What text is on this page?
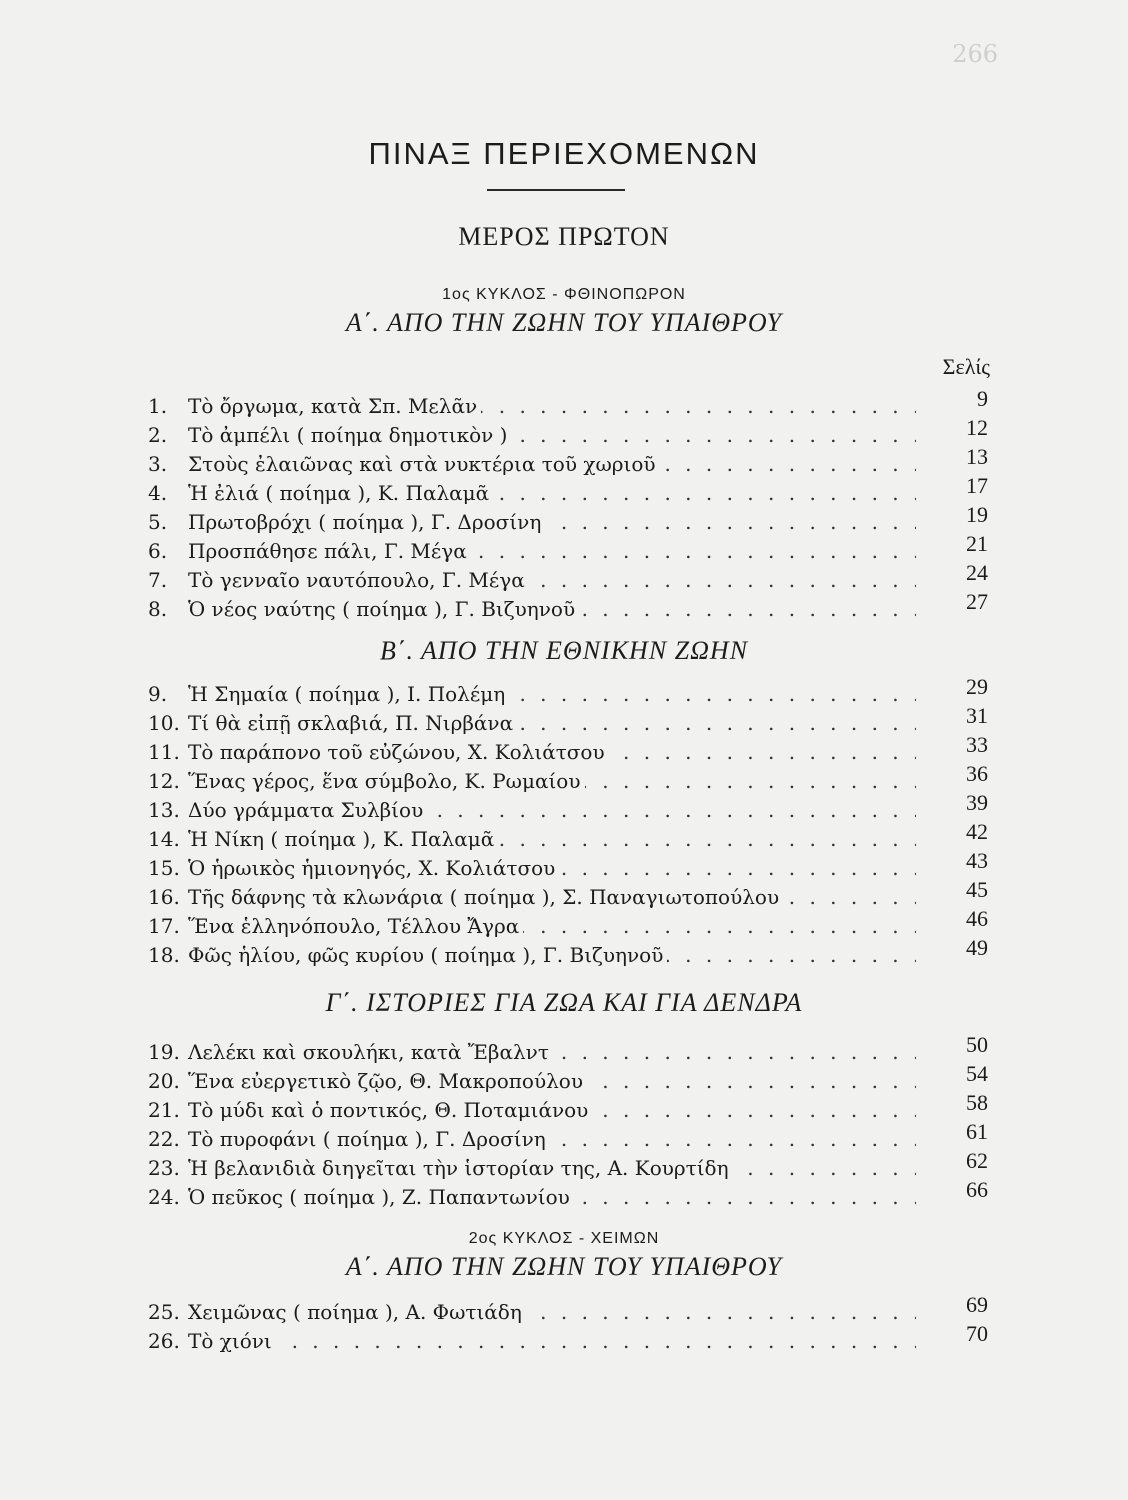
266
ΠΙΝΑΞ ΠΕΡΙΕΧΟΜΕΝΩΝ
ΜΕΡΟΣ ΠΡΩΤΟΝ
1ος ΚΥΚΛΟΣ - ΦΘΙΝΟΠΩΡΟΝ
Α΄. ΑΠΟ ΤΗΝ ΖΩΗΝ ΤΟΥ ΥΠΑΙΘΡΟΥ
Σελίς
1. . . .	Τὸ ὄργωμα, κατὰ Σπ. Μελᾶν	9
2. . . .	Τὸ ἀμπέλι ( ποίημα δημοτικὸν )	12
3. . . .	Στοὺς ἐλαιῶνας καὶ στὰ νυκτέρια τοῦ χωριοῦ	13
4. . . .	Ἡ ἐλιά ( ποίημα ), Κ. Παλαμᾶ	17
5. . . .	Πρωτοβρόχι ( ποίημα ), Γ. Δροσίνη	19
6. . . .	Προσπάθησε πάλι, Γ. Μέγα	21
7. . . .	Τὸ γενναῖο ναυτόπουλο, Γ. Μέγα	24
8. . . .	Ὁ νέος ναύτης ( ποίημα ), Γ. Βιζυηνοῦ	27
Β΄. ΑΠΟ ΤΗΝ ΕΘΝΙΚΗΝ ΖΩΗΝ
9. . . .	Ἡ Σημαία ( ποίημα ), Ι. Πολέμη	29
10. . . . Τί θὰ εἰπῇ σκλαβιά, Π. Νιρβάνα	31
11. . . . Τὸ παράπονο τοῦ εὐζώνου, Χ. Κολιάτσου	33
12. . . . Ἕνας γέρος, ἕνα σύμβολο, Κ. Ρωμαίου	36
13. . . . Δύο γράμματα Συλβίου	39
14. . . . Ἡ Νίκη ( ποίημα ), Κ. Παλαμᾶ	42
15. . . . Ὁ ἡρωικὸς ἡμιονηγός, Χ. Κολιάτσου	43
16. . . . Τῆς δάφνης τὰ κλωνάρια ( ποίημα ), Σ. Παναγιωτοπούλου	45
17. . . . Ἕνα ἑλληνόπουλο, Τέλλου Ἄγρα	46
18. . . . Φῶς ἡλίου, φῶς κυρίου ( ποίημα ), Γ. Βιζυηνοῦ	49
Γ΄. ΙΣΤΟΡΙΕΣ ΓΙΑ ΖΩΑ ΚΑΙ ΓΙΑ ΔΕΝΔΡΑ
19. . . . Λελέκι καὶ σκουλήκι, κατὰ Ἔβαλντ	50
20. . . . Ἕνα εὐεργετικὸ ζῷο, Θ. Μακροπούλου	54
21. . . . Τὸ μύδι καὶ ὁ ποντικός, Θ. Ποταμιάνου	58
22. . . . Τὸ πυροφάνι ( ποίημα ), Γ. Δροσίνη	61
23. . . . Ἡ βελανιδιὰ διηγεῖται τὴν ἱστορίαν της, Α. Κουρτίδη	62
24. . . . Ὁ πεῦκος ( ποίημα ), Ζ. Παπαντωνίου	66
2ος ΚΥΚΛΟΣ - ΧΕΙΜΩΝ
Α΄. ΑΠΟ ΤΗΝ ΖΩΗΝ ΤΟΥ ΥΠΑΙΘΡΟΥ
25. . . . Χειμῶνας ( ποίημα ), Α. Φωτιάδη	69
26. . . . Τὸ χιόνι	70
